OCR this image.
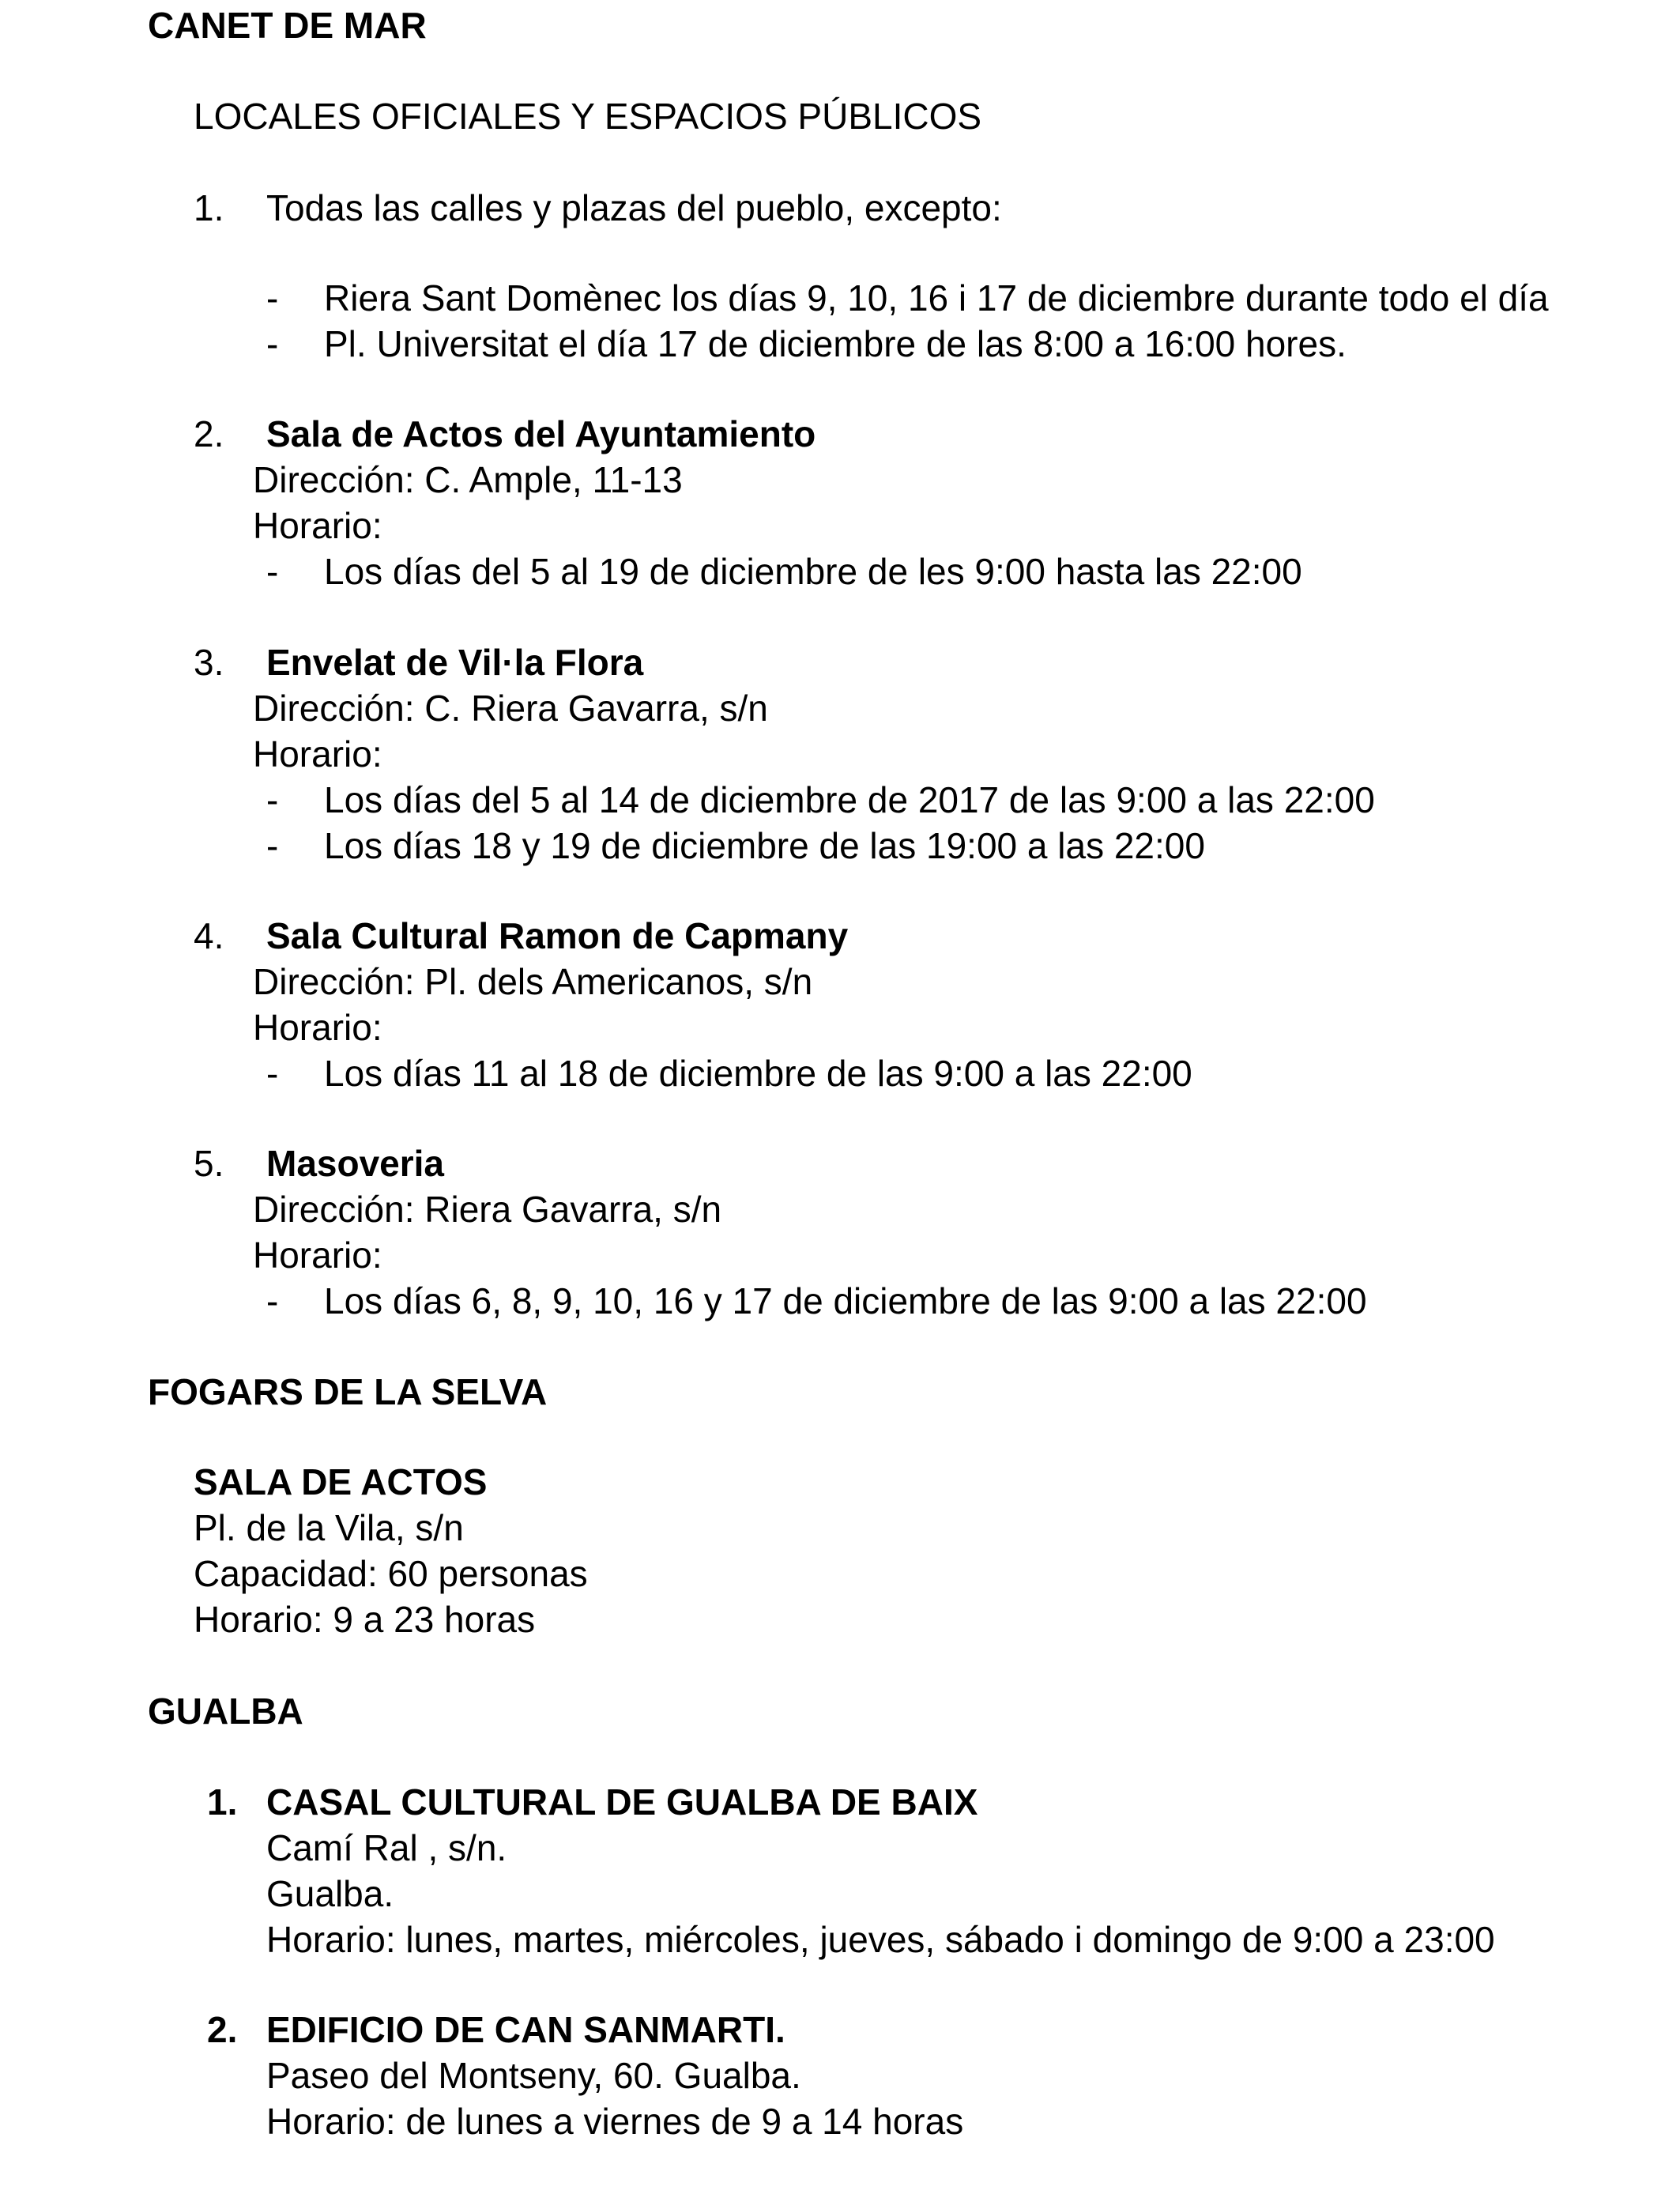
CANET DE MAR
LOCALES OFICIALES Y ESPACIOS PÚBLICOS
1. Todas las calles y plazas del pueblo, excepto:
- Riera Sant Domènec los días 9, 10, 16 i 17 de diciembre durante todo el día
- Pl. Universitat el día 17 de diciembre de las 8:00 a 16:00 hores.
2. Sala de Actos del Ayuntamiento
Dirección: C. Ample, 11-13
Horario:
- Los días del 5 al 19 de diciembre de les 9:00 hasta las 22:00
3. Envelat de Vil·la Flora
Dirección: C. Riera Gavarra, s/n
Horario:
- Los días del 5 al 14 de diciembre de 2017 de las 9:00 a las 22:00
- Los días 18 y 19 de diciembre de las 19:00 a las 22:00
4. Sala Cultural Ramon de Capmany
Dirección: Pl. dels Americanos, s/n
Horario:
- Los días 11 al 18 de diciembre de las 9:00 a las 22:00
5. Masoveria
Dirección: Riera Gavarra, s/n
Horario:
- Los días 6, 8, 9, 10, 16 y 17 de diciembre de las 9:00 a las 22:00
FOGARS DE LA SELVA
SALA DE ACTOS
Pl. de la Vila, s/n
Capacidad: 60 personas
Horario: 9 a 23 horas
GUALBA
1. CASAL CULTURAL DE GUALBA DE BAIX
Camí Ral , s/n.
Gualba.
Horario: lunes, martes, miércoles, jueves, sábado i domingo de 9:00 a 23:00
2. EDIFICIO DE CAN SANMARTI.
Paseo del Montseny, 60. Gualba.
Horario: de lunes a viernes de 9 a 14 horas
